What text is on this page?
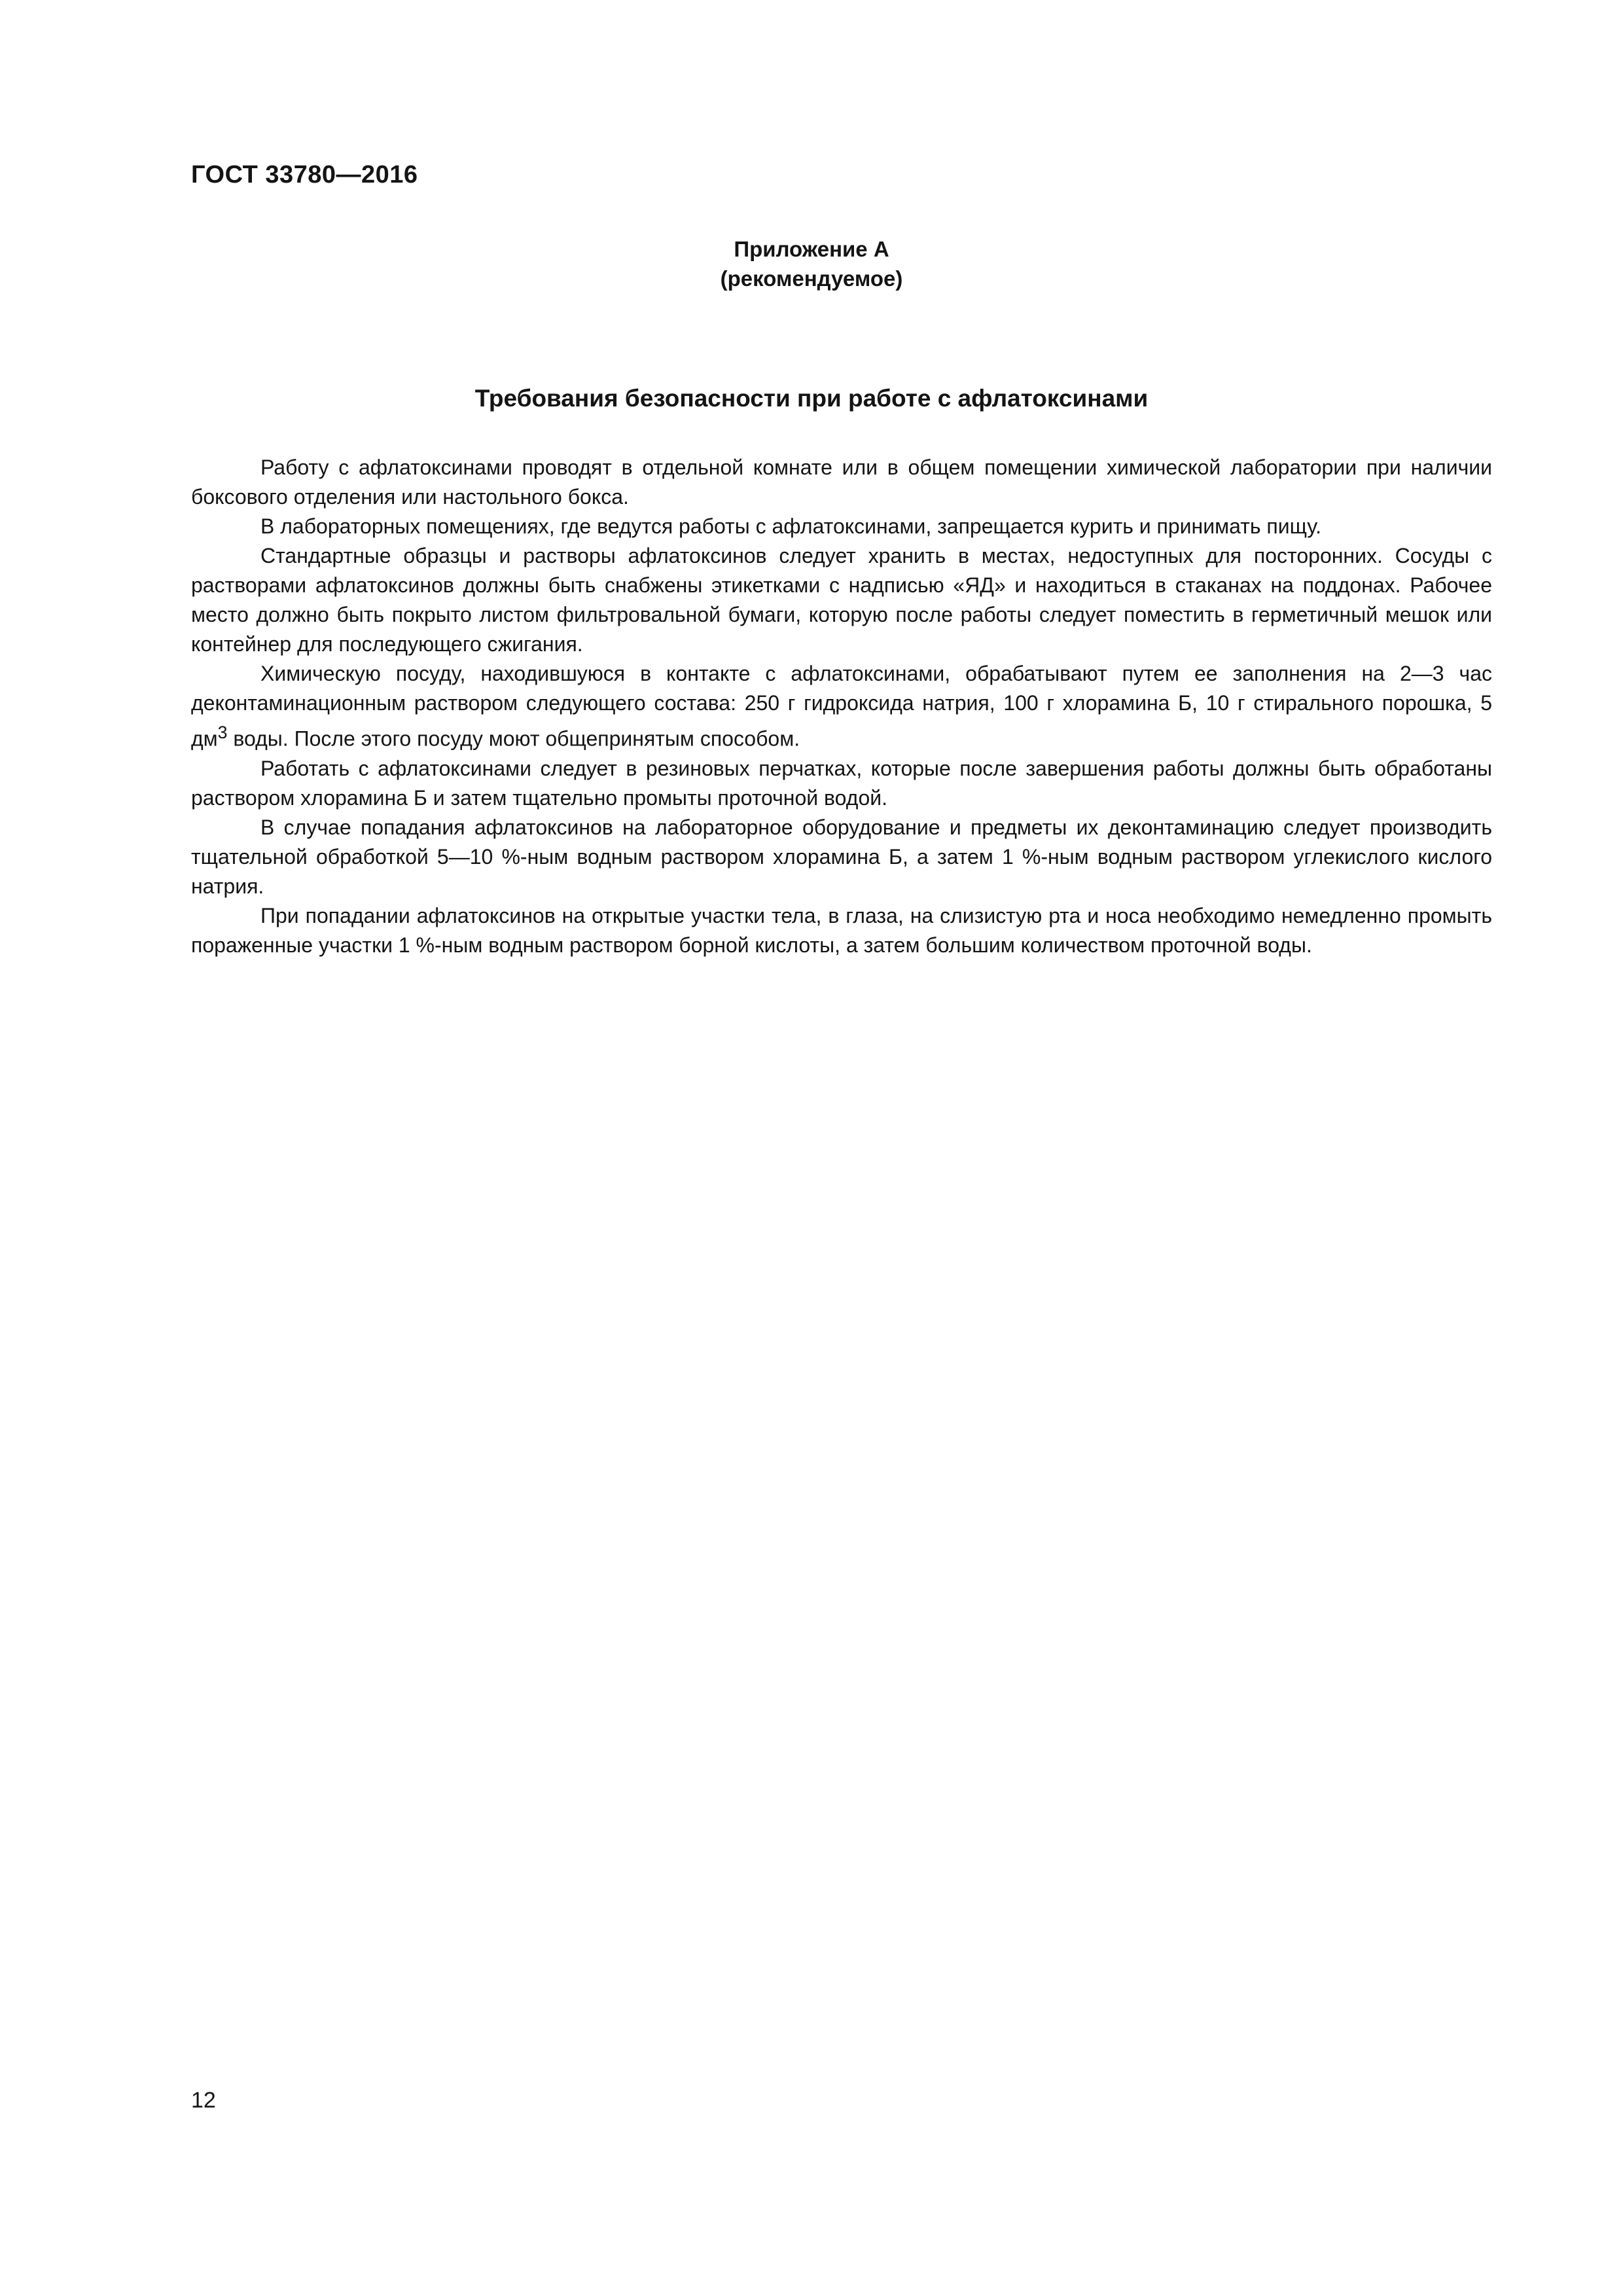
ГОСТ 33780—2016
Приложение А
(рекомендуемое)
Требования безопасности при работе с афлатоксинами

Работу с афлатоксинами проводят в отдельной комнате или в общем помещении химической лаборатории при наличии боксового отделения или настольного бокса.

В лабораторных помещениях, где ведутся работы с афлатоксинами, запрещается курить и принимать пищу.

Стандартные образцы и растворы афлатоксинов следует хранить в местах, недоступных для посторонних. Сосуды с растворами афлатоксинов должны быть снабжены этикетками с надписью «ЯД» и находиться в стаканах на поддонах. Рабочее место должно быть покрыто листом фильтровальной бумаги, которую после работы следует поместить в герметичный мешок или контейнер для последующего сжигания.

Химическую посуду, находившуюся в контакте с афлатоксинами, обрабатывают путем ее заполнения на 2—3 час деконтаминационным раствором следующего состава: 250 г гидроксида натрия, 100 г хлорамина Б, 10 г стирального порошка, 5 $дм^3$ воды. После этого посуду моют общепринятым способом.

Работать с афлатоксинами следует в резиновых перчатках, которые после завершения работы должны быть обработаны раствором хлорамина Б и затем тщательно промыты проточной водой.

В случае попадания афлатоксинов на лабораторное оборудование и предметы их деконтаминацию следует производить тщательной обработкой 5—10 %-ным водным раствором хлорамина Б, а затем 1 %-ным водным раствором углекислого кислого натрия.

При попадании афлатоксинов на открытые участки тела, в глаза, на слизистую рта и носа необходимо немедленно промыть пораженные участки 1 %-ным водным раствором борной кислоты, а затем большим количеством проточной воды.

12
